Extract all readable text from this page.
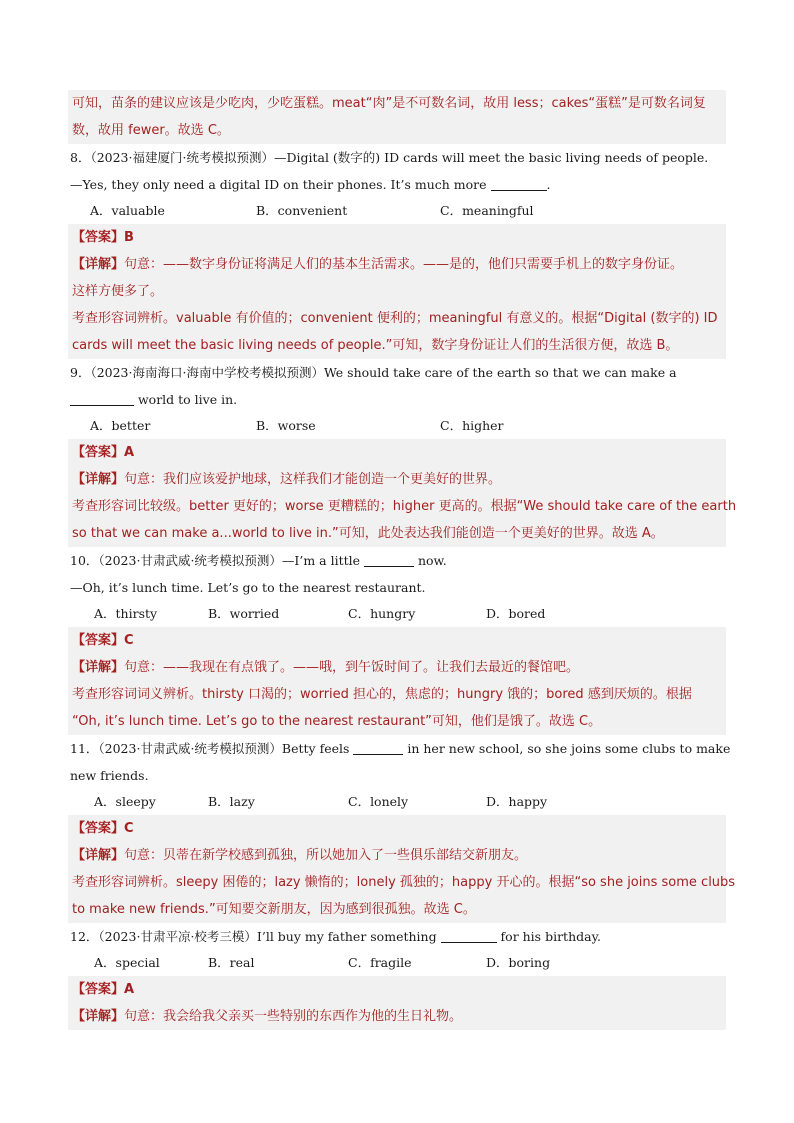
可知，苗条的建议应该是少吃肉，少吃蛋糕。meat“肉”是不可数名词，故用 less；cakes“蛋糕”是可数名词复
数，故用 fewer。故选 C。
8．（2023·福建厦门·统考模拟预测）—Digital (数字的) ID cards will meet the basic living needs of people.
—Yes, they only need a digital ID on their phones. It’s much more	.
A．valuable	B．convenient	C．meaningful
【答案】B
【详解】句意：——数字身份证将满足人们的基本生活需求。——是的，他们只需要手机上的数字身份证。
这样方便多了。
考查形容词辨析。valuable 有价值的；convenient 便利的；meaningful 有意义的。根据“Digital (数字的) ID
cards will meet the basic living needs of people.”可知，数字身份证让人们的生活很方便，故选 B。
9．（2023·海南海口·海南中学校考模拟预测）We should take care of the earth so that we can make a
world to live in.
A．better	B．worse	C．higher
【答案】A
【详解】句意：我们应该爱护地球，这样我们才能创造一个更美好的世界。
考查形容词比较级。better 更好的；worse 更糟糕的；higher 更高的。根据“We should take care of the earth
so that we can make a...world to live in.”可知，此处表达我们能创造一个更美好的世界。故选 A。
10．（2023·甘肃武威·统考模拟预测）—I’m a little	now.
—Oh, it’s lunch time. Let’s go to the nearest restaurant.
A．thirsty	B．worried	C．hungry	D．bored
【答案】C
【详解】句意：——我现在有点饿了。——哦，到午饭时间了。让我们去最近的餐馆吧。
考查形容词词义辨析。thirsty 口渴的；worried 担心的，焦虑的；hungry 饿的；bored 感到厌烦的。根据
“Oh, it’s lunch time. Let’s go to the nearest restaurant”可知，他们是饿了。故选 C。
11．（2023·甘肃武威·统考模拟预测）Betty feels	in her new school, so she joins some clubs to make
new friends.
A．sleepy	B．lazy	C．lonely	D．happy
【答案】C
【详解】句意：贝蒂在新学校感到孤独，所以她加入了一些俱乐部结交新朋友。
考查形容词辨析。sleepy 困倦的；lazy 懒惰的；lonely 孤独的；happy 开心的。根据“so she joins some clubs
to make new friends.”可知要交新朋友，因为感到很孤独。故选 C。
12．（2023·甘肃平凉·校考三模）I’ll buy my father something	for his birthday.
A．special	B．real	C．fragile	D．boring
【答案】A
【详解】句意：我会给我父亲买一些特别的东西作为他的生日礼物。
